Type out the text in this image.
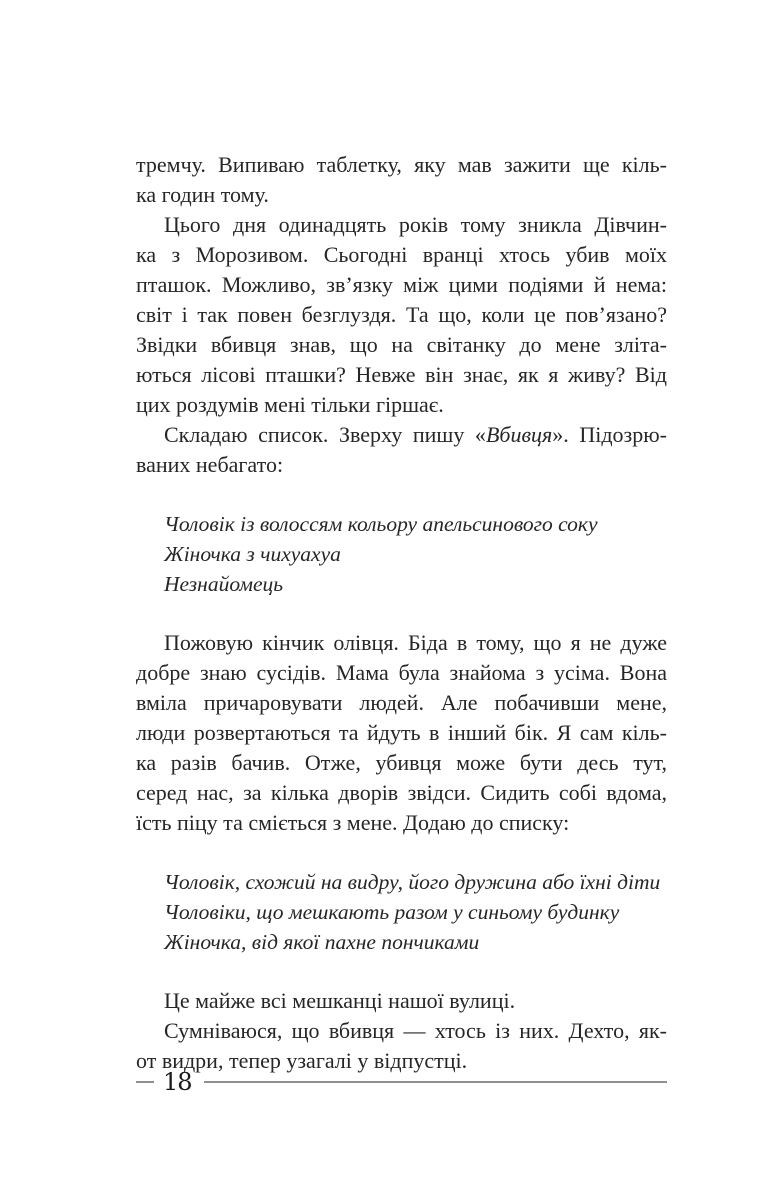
тремчу. Випиваю таблетку, яку мав зажити ще кіль-
ка годин тому.
Цього дня одинадцять років тому зникла Дівчин-
ка з Морозивом. Сьогодні вранці хтось убив моїх
пташок. Можливо, зв’язку між цими подіями й нема:
світ і так повен безглуздя. Та що, коли це пов’язано?
Звідки вбивця знав, що на світанку до мене зліта-
ються лісові пташки? Невже він знає, як я живу? Від
цих роздумів мені тільки гіршає.
Складаю список. Зверху пишу «Вбивця». Підозрю-
ваних небагато:
Чоловік із волоссям кольору апельсинового соку
Жіночка з чихуахуа
Незнайомець
Пожовую кінчик олівця. Біда в тому, що я не дуже
добре знаю сусідів. Мама була знайома з усіма. Вона
вміла причаровувати людей. Але побачивши мене,
люди розвертаються та йдуть в інший бік. Я сам кіль-
ка разів бачив. Отже, убивця може бути десь тут,
серед нас, за кілька дворів звідси. Сидить собі вдома,
їсть піцу та сміється з мене. Додаю до списку:
Чоловік, схожий на видру, його дружина або їхні діти
Чоловіки, що мешкають разом у синьому будинку
Жіночка, від якої пахне пончиками
Це майже всі мешканці нашої вулиці.
Сумніваюся, що вбивця — хтось із них. Дехто, як-
от видри, тепер узагалі у відпустці.
18
